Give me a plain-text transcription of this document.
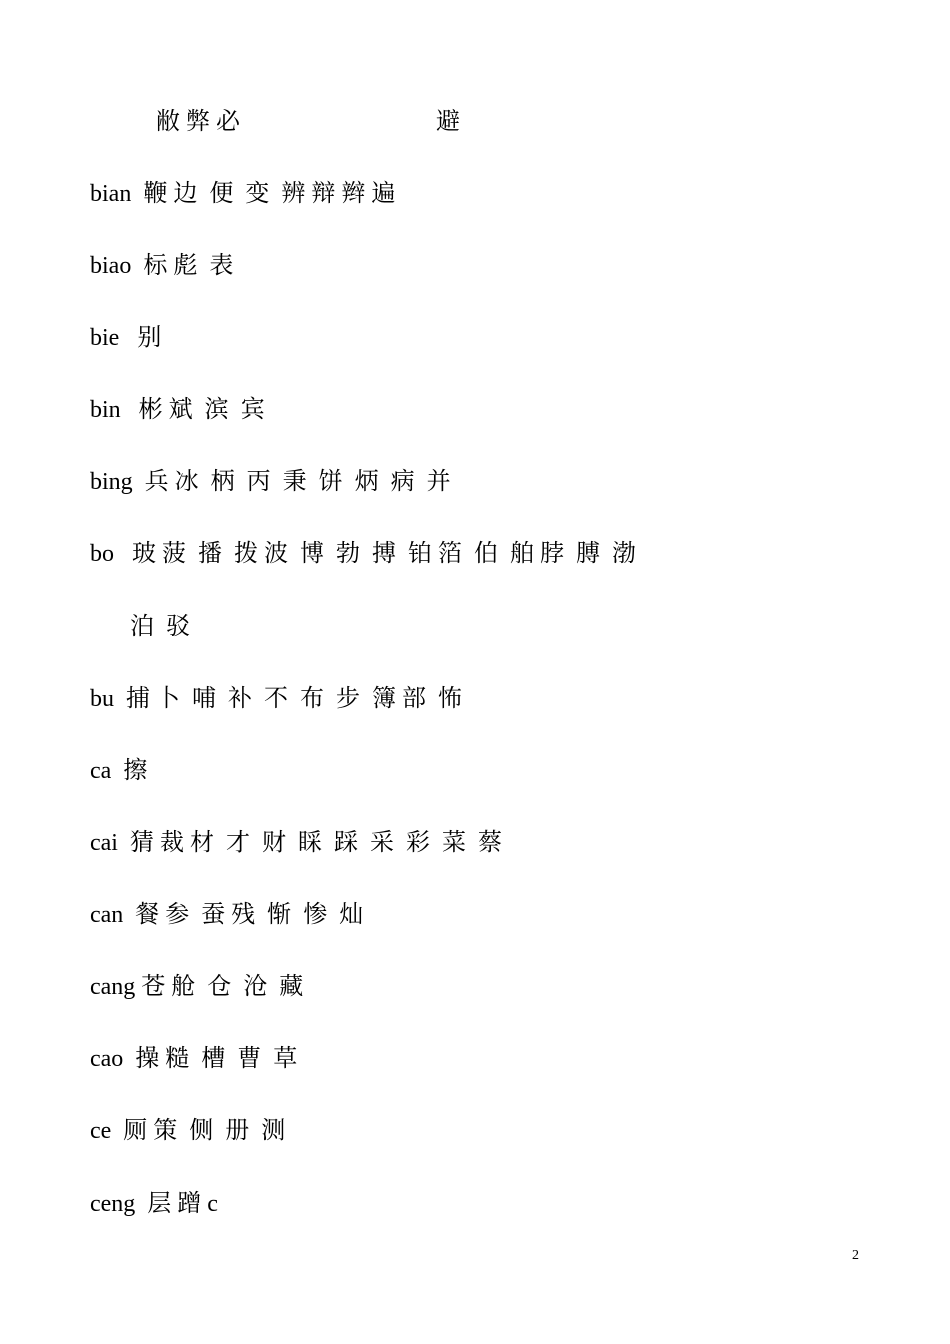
敝 弊 必	避
bian  鞭 边  便  变  辨 辩 辫 遍
biao  标 彪  表
bie   别
bin   彬 斌  滨  宾
bing  兵 冰  柄  丙  秉  饼  炳  病  并
bo   玻 菠  播  拨 波  博  勃  搏  铂 箔  伯  舶 脖  膊  渤
泊  驳
bu  捕 卜  哺  补  不  布  步  簿 部  怖
ca  擦
cai  猜 裁 材  才  财  睬  踩  采  彩  菜  蔡
can  餐 参  蚕 残  惭  惨  灿
cang 苍 舱  仓  沧  藏
cao  操 糙  槽  曹  草
ce  厕 策  侧  册  测
ceng  层 蹭 c
2
